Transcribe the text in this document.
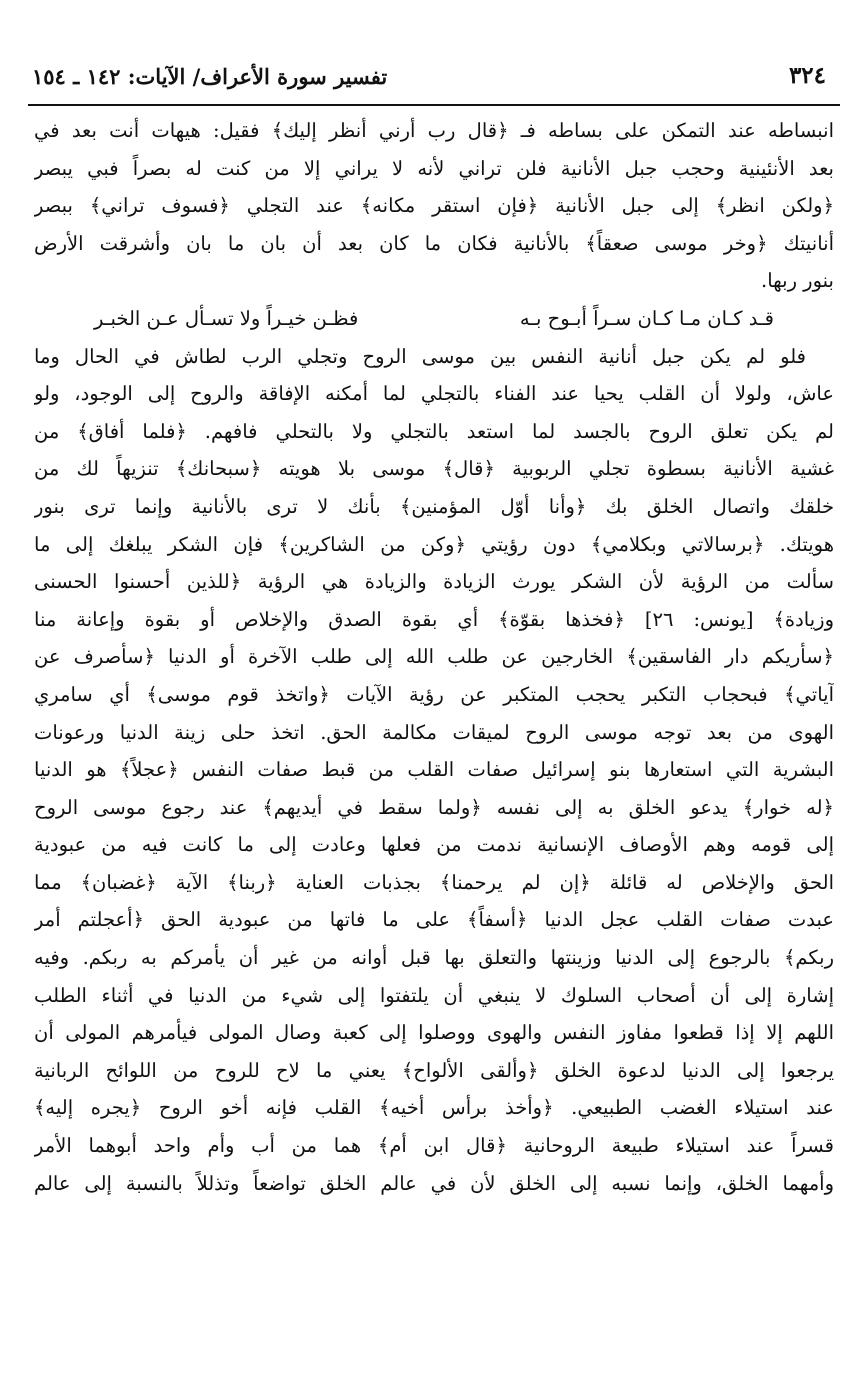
٣٢٤
تفسير سورة الأعراف/ الآيات: ١٤٢ ـ ١٥٤
انبساطه عند التمكن على بساطه فـ ﴿قال رب أرني أنظر إليك﴾ فقيل: هيهات أنت بعد في
بعد الأنئينية وحجب جبل الأنانية فلن تراني لأنه لا يراني إلا من كنت له بصراً فبي يبصر
﴿ولكن انظر﴾ إلى جبل الأنانية ﴿فإن استقر مكانه﴾ عند التجلي ﴿فسوف تراني﴾ ببصر
أنانيتك ﴿وخر موسى صعقاً﴾ بالأنانية فكان ما كان بعد أن بان ما بان وأشرقت الأرض
بنور ربها.
قـد كـان مـا كـان سـراً أبـوح بـه
فظـن خيـراً ولا تسـأل عـن الخبـر
فلو لم يكن جبل أنانية النفس بين موسى الروح وتجلي الرب لطاش في الحال وما
عاش، ولولا أن القلب يحيا عند الفناء بالتجلي لما أمكنه الإفاقة والروح إلى الوجود، ولو
لم يكن تعلق الروح بالجسد لما استعد بالتجلي ولا بالتحلي فافهم. ﴿فلما أفاق﴾ من
غشية الأنانية بسطوة تجلي الربوبية ﴿قال﴾ موسى بلا هويته ﴿سبحانك﴾ تنزيهاً لك من
خلقك واتصال الخلق بك ﴿وأنا أوّل المؤمنين﴾ بأنك لا ترى بالأنانية وإنما ترى بنور
هويتك. ﴿برسالاتي وبكلامي﴾ دون رؤيتي ﴿وكن من الشاكرين﴾ فإن الشكر يبلغك إلى ما
سألت من الرؤية لأن الشكر يورث الزيادة والزيادة هي الرؤية ﴿للذين أحسنوا الحسنى
وزيادة﴾ [يونس: ٢٦] ﴿فخذها بقوّة﴾ أي بقوة الصدق والإخلاص أو بقوة وإعانة منا
﴿سأريكم دار الفاسقين﴾ الخارجين عن طلب الله إلى طلب الآخرة أو الدنيا ﴿سأصرف عن
آياتي﴾ فبحجاب التكبر يحجب المتكبر عن رؤية الآيات ﴿واتخذ قوم موسى﴾ أي سامري
الهوى من بعد توجه موسى الروح لميقات مكالمة الحق. اتخذ حلى زينة الدنيا ورعونات
البشرية التي استعارها بنو إسرائيل صفات القلب من قبط صفات النفس ﴿عجلاً﴾ هو الدنيا
﴿له خوار﴾ يدعو الخلق به إلى نفسه ﴿ولما سقط في أيديهم﴾ عند رجوع موسى الروح
إلى قومه وهم الأوصاف الإنسانية ندمت من فعلها وعادت إلى ما كانت فيه من عبودية
الحق والإخلاص له قائلة ﴿إن لم يرحمنا﴾ بجذبات العناية ﴿ربنا﴾ الآية ﴿غضبان﴾ مما
عبدت صفات القلب عجل الدنيا ﴿أسفاً﴾ على ما فاتها من عبودية الحق ﴿أعجلتم أمر
ربكم﴾ بالرجوع إلى الدنيا وزينتها والتعلق بها قبل أوانه من غير أن يأمركم به ربكم. وفيه
إشارة إلى أن أصحاب السلوك لا ينبغي أن يلتفتوا إلى شيء من الدنيا في أثناء الطلب
اللهم إلا إذا قطعوا مفاوز النفس والهوى ووصلوا إلى كعبة وصال المولى فيأمرهم المولى أن
يرجعوا إلى الدنيا لدعوة الخلق ﴿وألقى الألواح﴾ يعني ما لاح للروح من اللوائح الربانية
عند استيلاء الغضب الطبيعي. ﴿وأخذ برأس أخيه﴾ القلب فإنه أخو الروح ﴿يجره إليه﴾
قسراً عند استيلاء طبيعة الروحانية ﴿قال ابن أم﴾ هما من أب وأم واحد أبوهما الأمر
وأمهما الخلق، وإنما نسبه إلى الخلق لأن في عالم الخلق تواضعاً وتذللاً بالنسبة إلى عالم
